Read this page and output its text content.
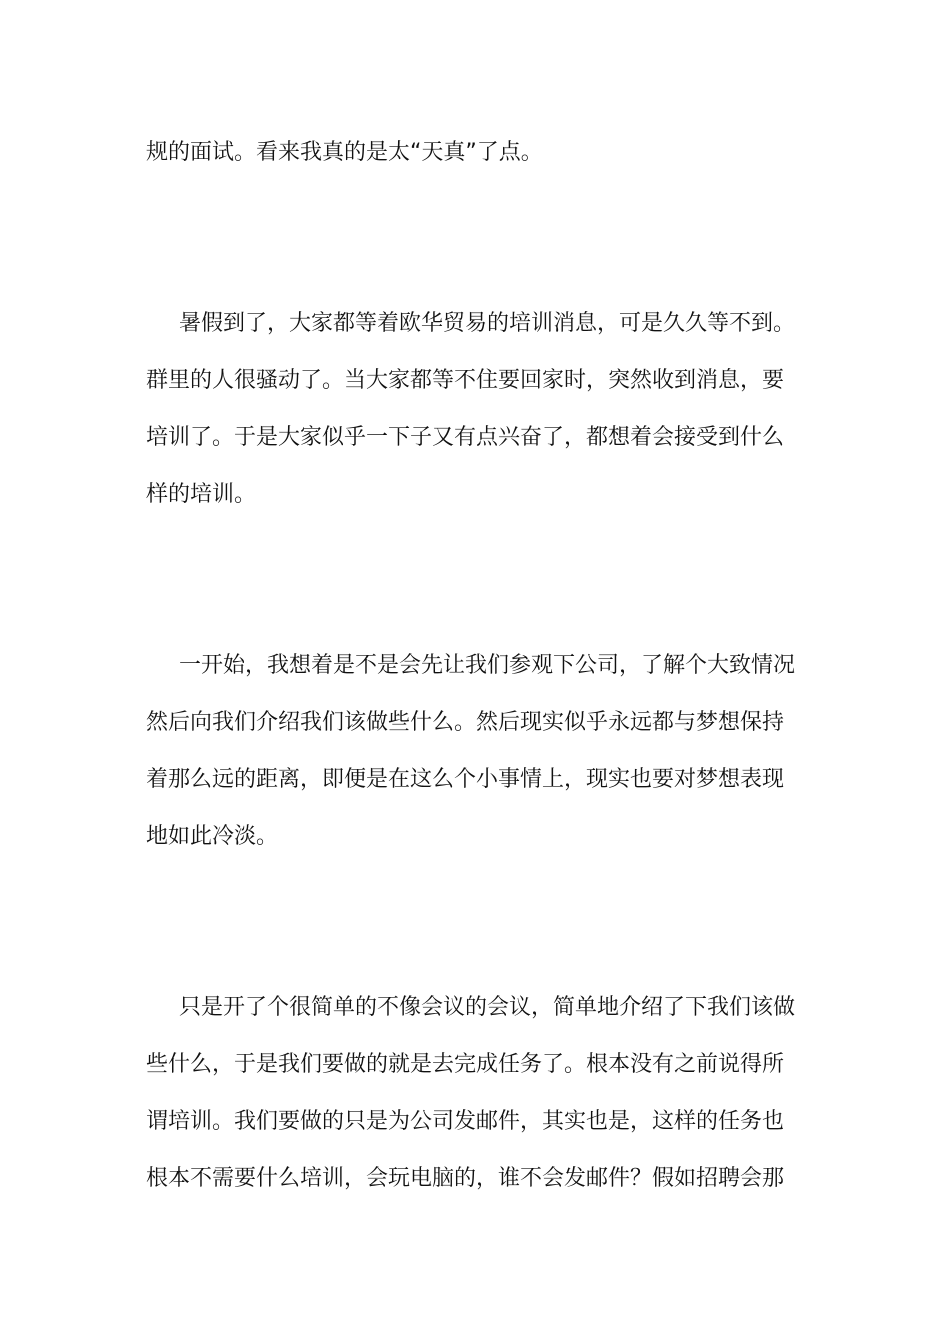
规的面试。看来我真的是太“天真”了点。
暑假到了，大家都等着欧华贸易的培训消息，可是久久等不到。
群里的人很骚动了。当大家都等不住要回家时，突然收到消息，要
培训了。于是大家似乎一下子又有点兴奋了，都想着会接受到什么
样的培训。
一开始，我想着是不是会先让我们参观下公司，了解个大致情况
然后向我们介绍我们该做些什么。然后现实似乎永远都与梦想保持
着那么远的距离，即便是在这么个小事情上，现实也要对梦想表现
地如此冷淡。
只是开了个很简单的不像会议的会议，简单地介绍了下我们该做
些什么，于是我们要做的就是去完成任务了。根本没有之前说得所
谓培训。我们要做的只是为公司发邮件，其实也是，这样的任务也
根本不需要什么培训，会玩电脑的，谁不会发邮件？假如招聘会那
